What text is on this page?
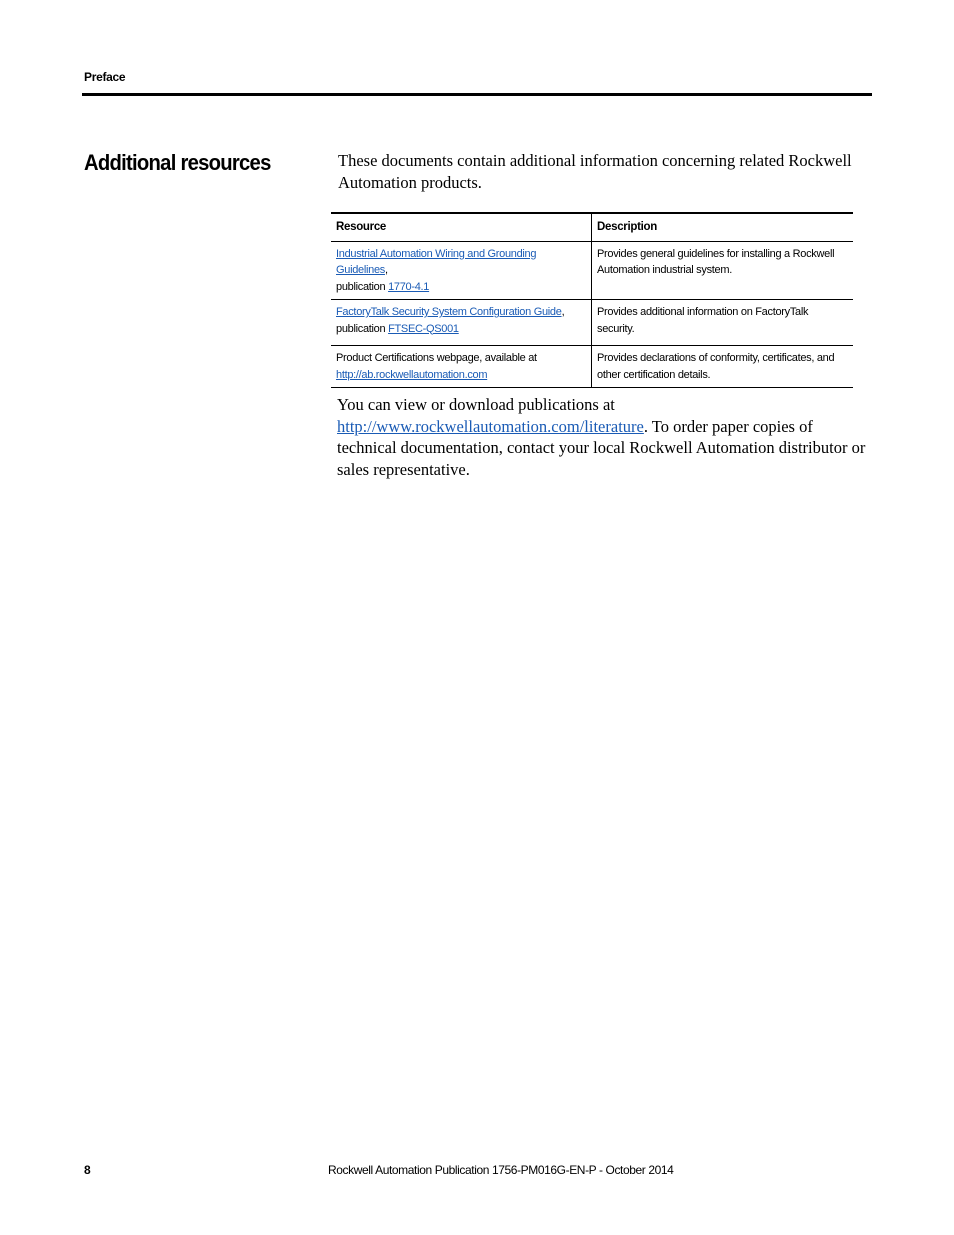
Preface
Additional resources	These documents contain additional information concerning related Rockwell Automation products.

Resource	Description
Industrial Automation Wiring and Grounding Guidelines,
publication 1770-4.1	Provides general guidelines for installing a Rockwell Automation industrial system.
FactoryTalk Security System Configuration Guide,
publication FTSEC-QS001	Provides additional information on FactoryTalk security.
Product Certifications webpage, available at
http://ab.rockwellautomation.com	Provides declarations of conformity, certificates, and other certification details.

You can view or download publications at
http://www.rockwellautomation.com/literature. To order paper copies of technical documentation, contact your local Rockwell Automation distributor or sales representative.

8	Rockwell Automation Publication 1756-PM016G-EN-P - October 2014
